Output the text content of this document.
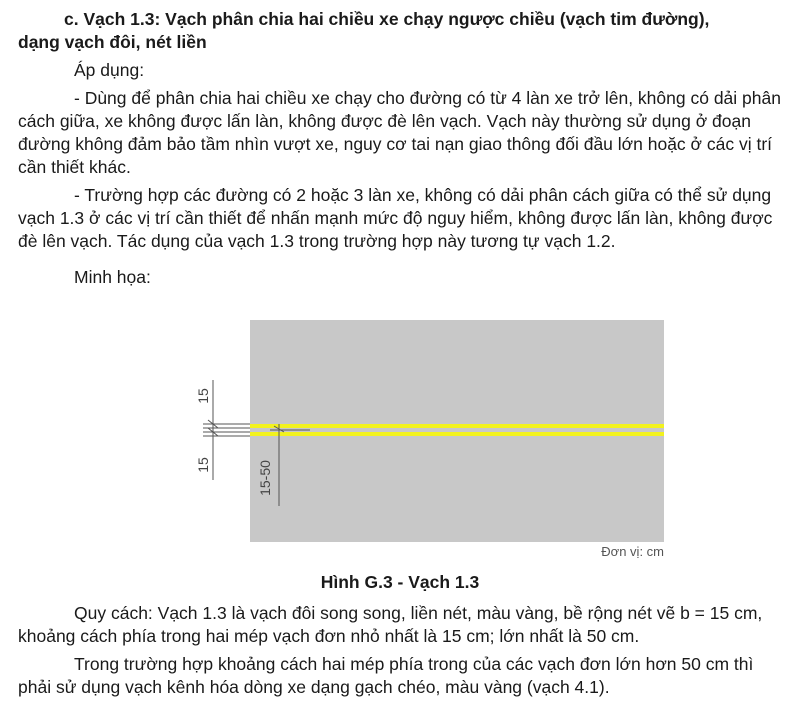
c. Vạch 1.3: Vạch phân chia hai chiều xe chạy ngược chiều (vạch tim đường),
dạng vạch đôi, nét liền

Áp dụng:

- Dùng để phân chia hai chiều xe chạy cho đường có từ 4 làn xe trở lên, không có dải phân cách giữa, xe không được lấn làn, không được đè lên vạch. Vạch này thường sử dụng ở đoạn đường không đảm bảo tầm nhìn vượt xe, nguy cơ tai nạn giao thông đối đầu lớn hoặc ở các vị trí cần thiết khác.

- Trường hợp các đường có 2 hoặc 3 làn xe, không có dải phân cách giữa có thể sử dụng vạch 1.3 ở các vị trí cần thiết để nhấn mạnh mức độ nguy hiểm, không được lấn làn, không được đè lên vạch. Tác dụng của vạch 1.3 trong trường hợp này tương tự vạch 1.2.

Minh họa:

15
15	15-50
Đơn vị: cm
Hình G.3 - Vạch 1.3

Quy cách: Vạch 1.3 là vạch đôi song song, liền nét, màu vàng, bề rộng nét vẽ b = 15 cm, khoảng cách phía trong hai mép vạch đơn nhỏ nhất là 15 cm; lớn nhất là 50 cm.

Trong trường hợp khoảng cách hai mép phía trong của các vạch đơn lớn hơn 50 cm thì phải sử dụng vạch kênh hóa dòng xe dạng gạch chéo, màu vàng (vạch 4.1).
